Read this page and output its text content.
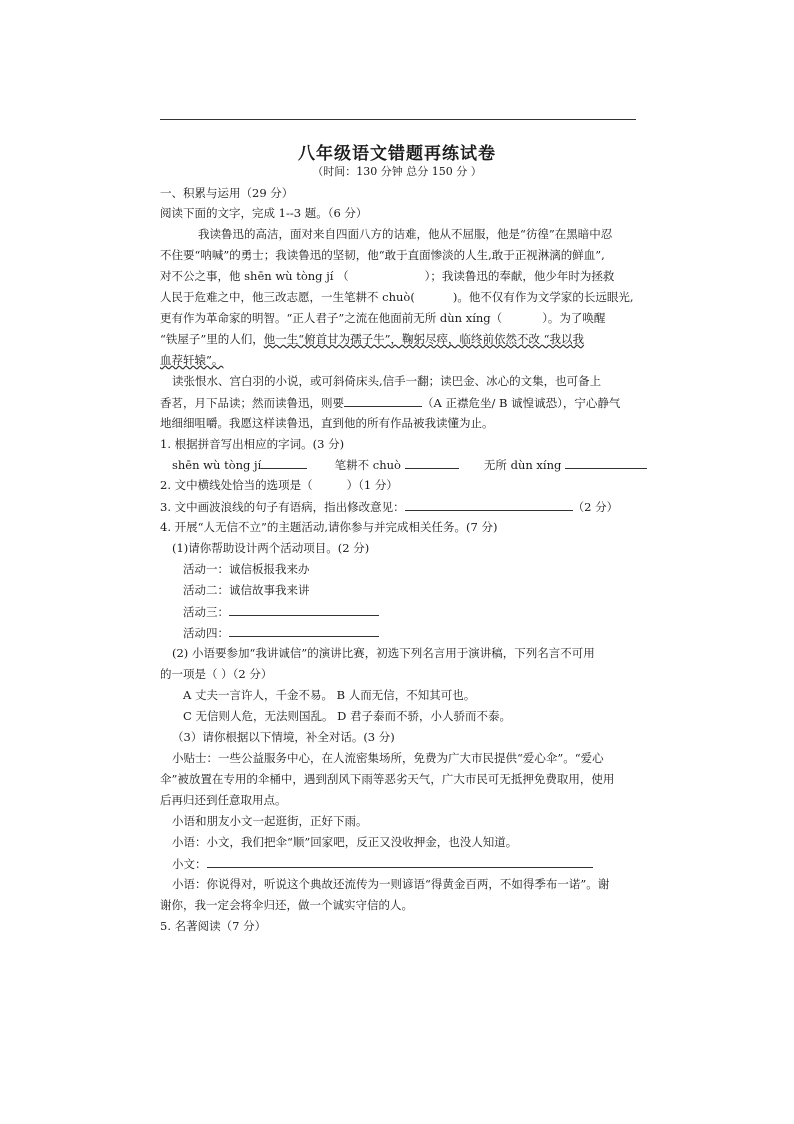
八年级语文错题再练试卷
（时间：130 分钟 总分 150 分 ）
一、积累与运用（29 分）
阅读下面的文字，完成 1--3 题。（6 分）
我读鲁迅的高洁，面对来自四面八方的诘难，他从不屈服，他是“彷徨”在黑暗中忍
不住要“呐喊”的勇士；我读鲁迅的坚韧，他“敢于直面惨淡的人生,敢于正视淋漓的鲜血”,
对不公之事，他 shēn wù tòng jí （	）；我读鲁迅的奉献，他少年时为拯救
人民于危难之中，他三改志愿，一生笔耕不 chuò(	)。他不仅有作为文学家的长远眼光,
更有作为革命家的明智。“正人君子”之流在他面前无所 dùn xíng（	）。为了唤醒
“铁屋子”里的人们，他一生“俯首甘为孺子牛”，鞠躬尽瘁，临终前依然不改 “我以我
血荐轩辕”。
读张恨水、宫白羽的小说，或可斜倚床头,信手一翻；读巴金、冰心的文集，也可备上
香茗，月下品读；然而读鲁迅，则要	（A 正襟危坐/ B 诚惶诚恐），宁心静气
地细细咀嚼。我愿这样读鲁迅，直到他的所有作品被我读懂为止。
1. 根据拼音写出相应的字词。(3 分)
shēn wù tòng jí	笔耕不 chuò	无所 dùn xíng
2. 文中横线处恰当的选项是（	）（1 分）
3. 文中画波浪线的句子有语病，指出修改意见：	（2 分）
4. 开展“人无信不立”的主题活动,请你参与并完成相关任务。(7 分)
(1)请你帮助设计两个活动项目。(2 分)
活动一：诚信板报我来办
活动二：诚信故事我来讲
活动三：
活动四：
(2) 小语要参加“我讲诚信”的演讲比赛，初选下列名言用于演讲稿，下列名言不可用
的一项是（ ）（2 分）
A 丈夫一言许人，千金不易。 B 人而无信，不知其可也。
C 无信则人危，无法则国乱。 D 君子泰而不骄，小人骄而不泰。
（3）请你根据以下情境，补全对话。(3 分)
小贴士：一些公益服务中心，在人流密集场所，免费为广大市民提供“爱心伞”。“爱心
伞”被放置在专用的伞桶中，遇到刮风下雨等恶劣天气，广大市民可无抵押免费取用，使用
后再归还到任意取用点。
小语和朋友小文一起逛街，正好下雨。
小语：小文，我们把伞“顺”回家吧，反正又没收押金，也没人知道。
小文：
小语：你说得对，听说这个典故还流传为一则谚语“得黄金百两，不如得季布一诺”。谢
谢你，我一定会将伞归还，做一个诚实守信的人。
5. 名著阅读（7 分）
